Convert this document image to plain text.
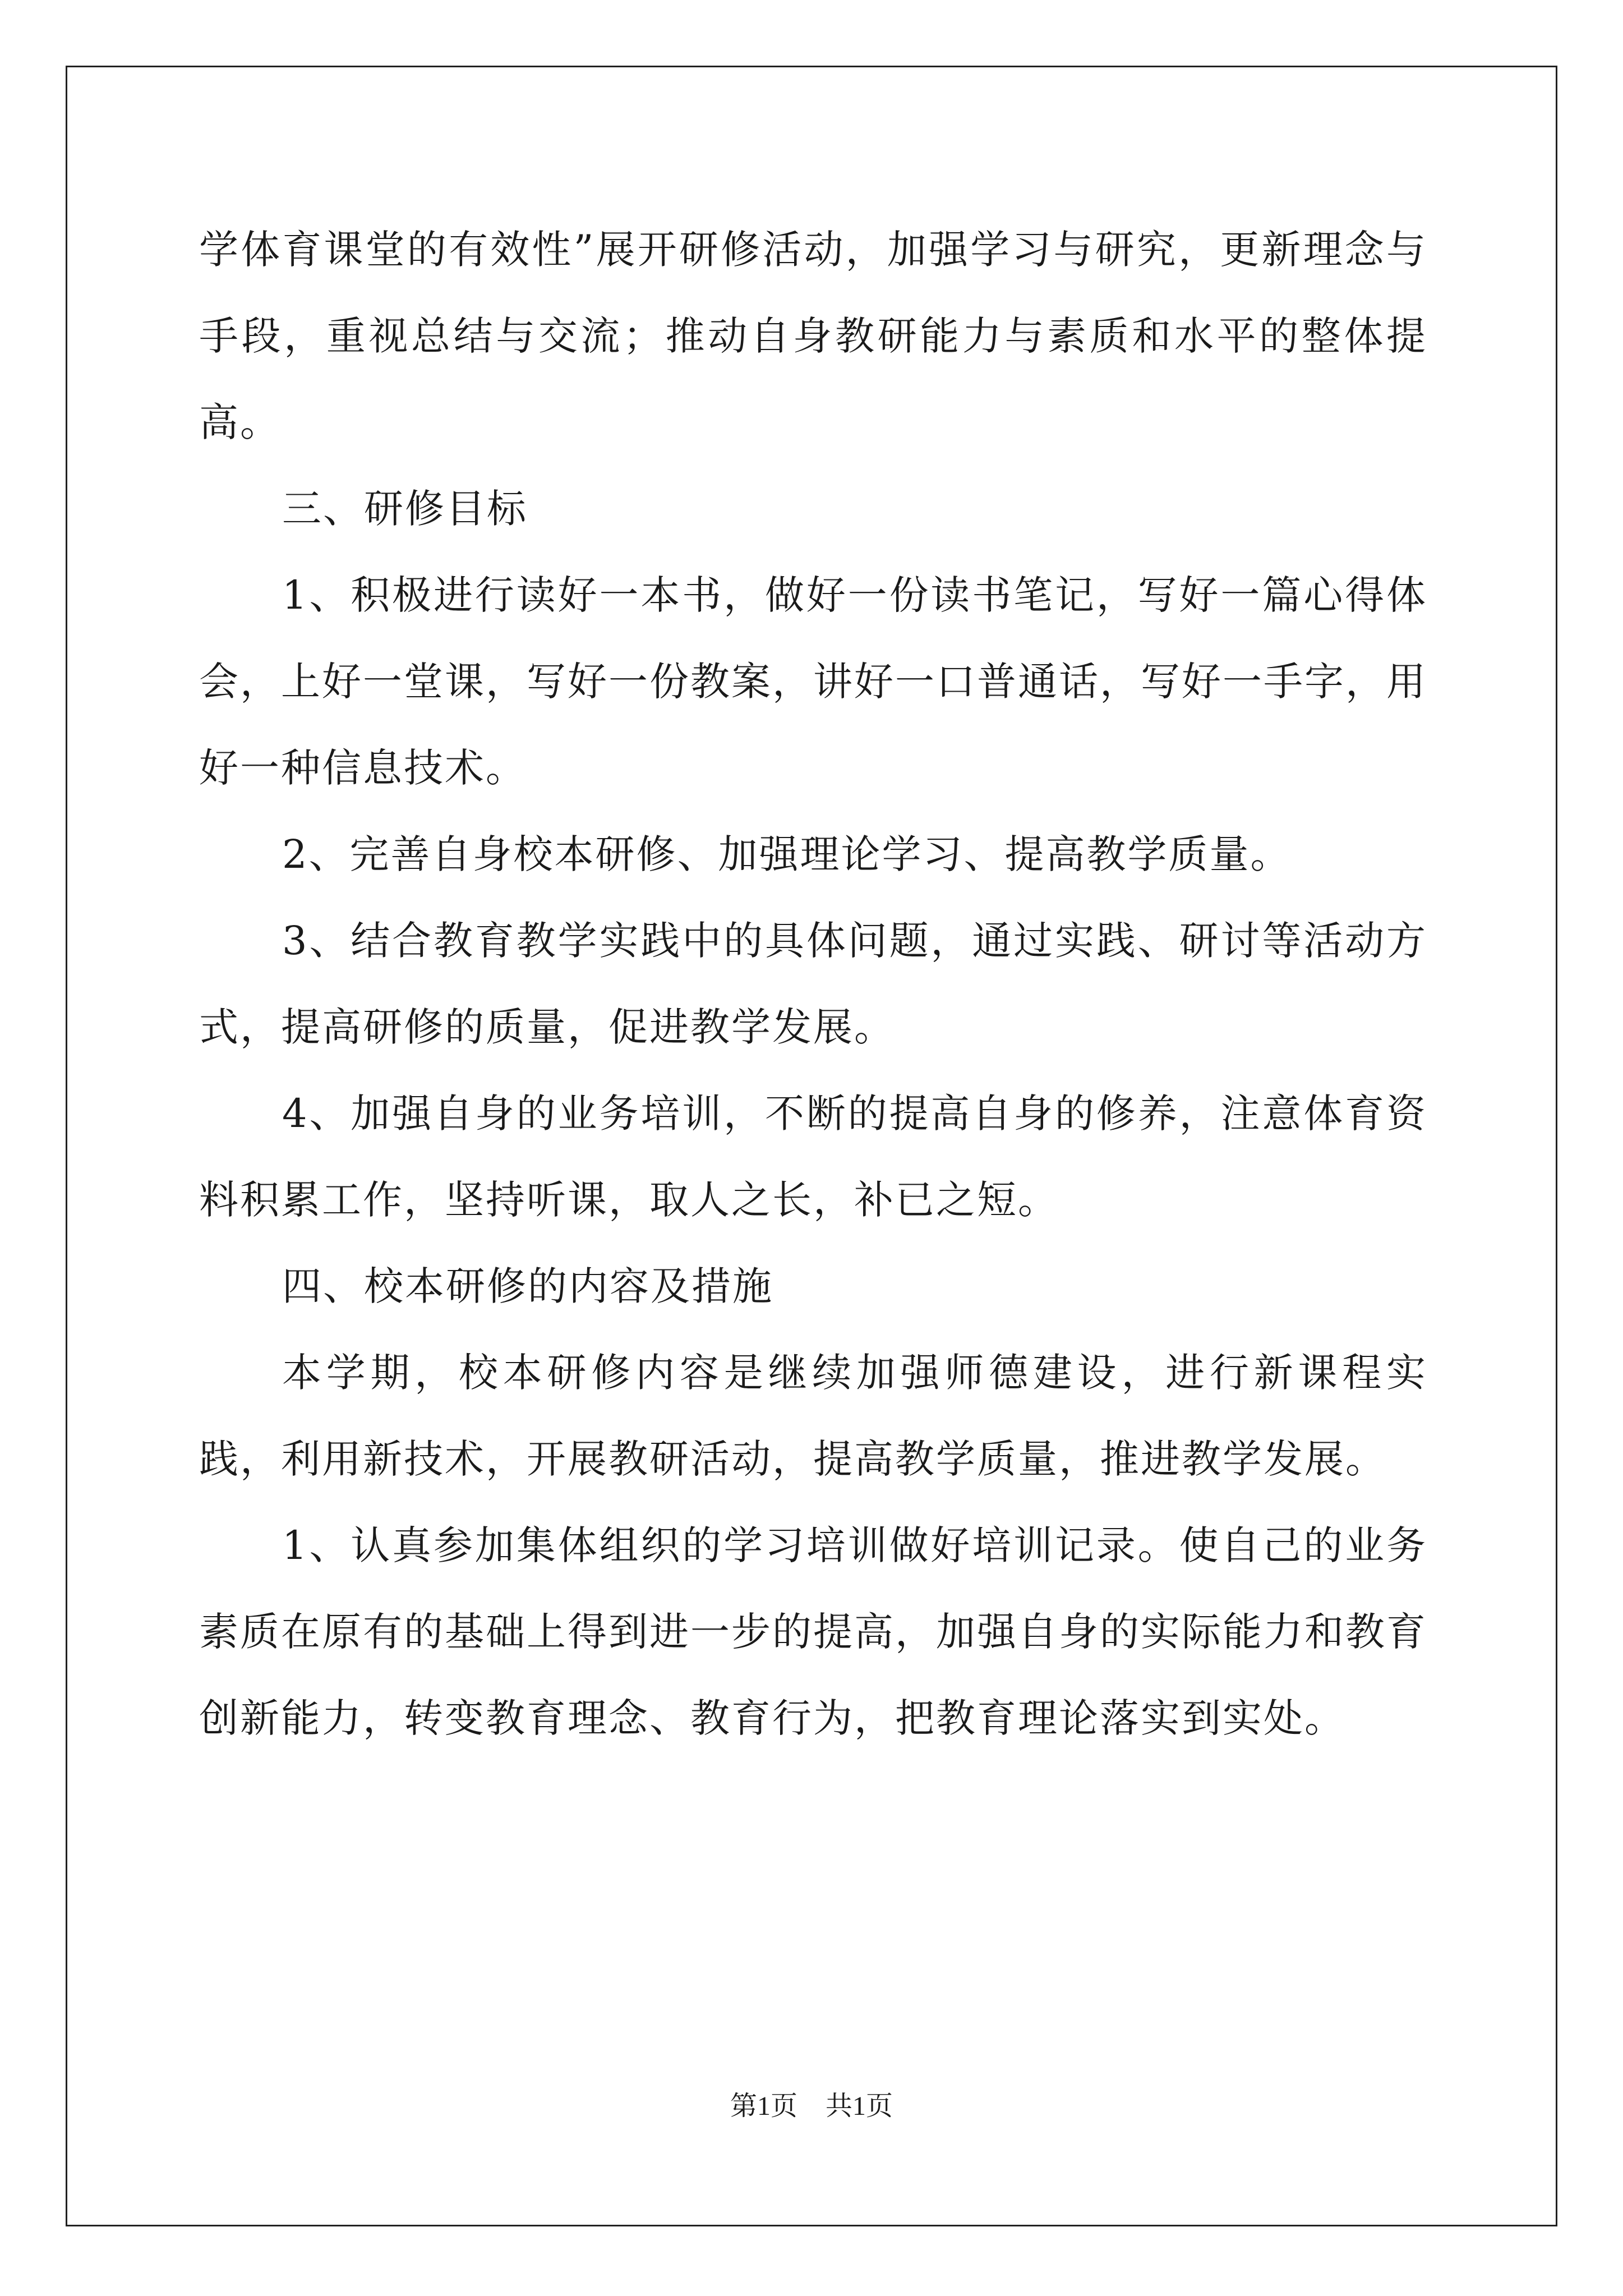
学体育课堂的有效性”展开研修活动，加强学习与研究，更新理念与手段，重视总结与交流；推动自身教研能力与素质和水平的整体提高。

三、研修目标

1、积极进行读好一本书，做好一份读书笔记，写好一篇心得体会，上好一堂课，写好一份教案，讲好一口普通话，写好一手字，用好一种信息技术。

2、完善自身校本研修、加强理论学习、提高教学质量。

3、结合教育教学实践中的具体问题，通过实践、研讨等活动方式，提高研修的质量，促进教学发展。

4、加强自身的业务培训，不断的提高自身的修养，注意体育资料积累工作，坚持听课，取人之长，补已之短。

四、校本研修的内容及措施

本学期，校本研修内容是继续加强师德建设，进行新课程实践，利用新技术，开展教研活动，提高教学质量，推进教学发展。

1、认真参加集体组织的学习培训做好培训记录。使自己的业务素质在原有的基础上得到进一步的提高，加强自身的实际能力和教育创新能力，转变教育理念、教育行为，把教育理论落实到实处。

第1页 共1页
